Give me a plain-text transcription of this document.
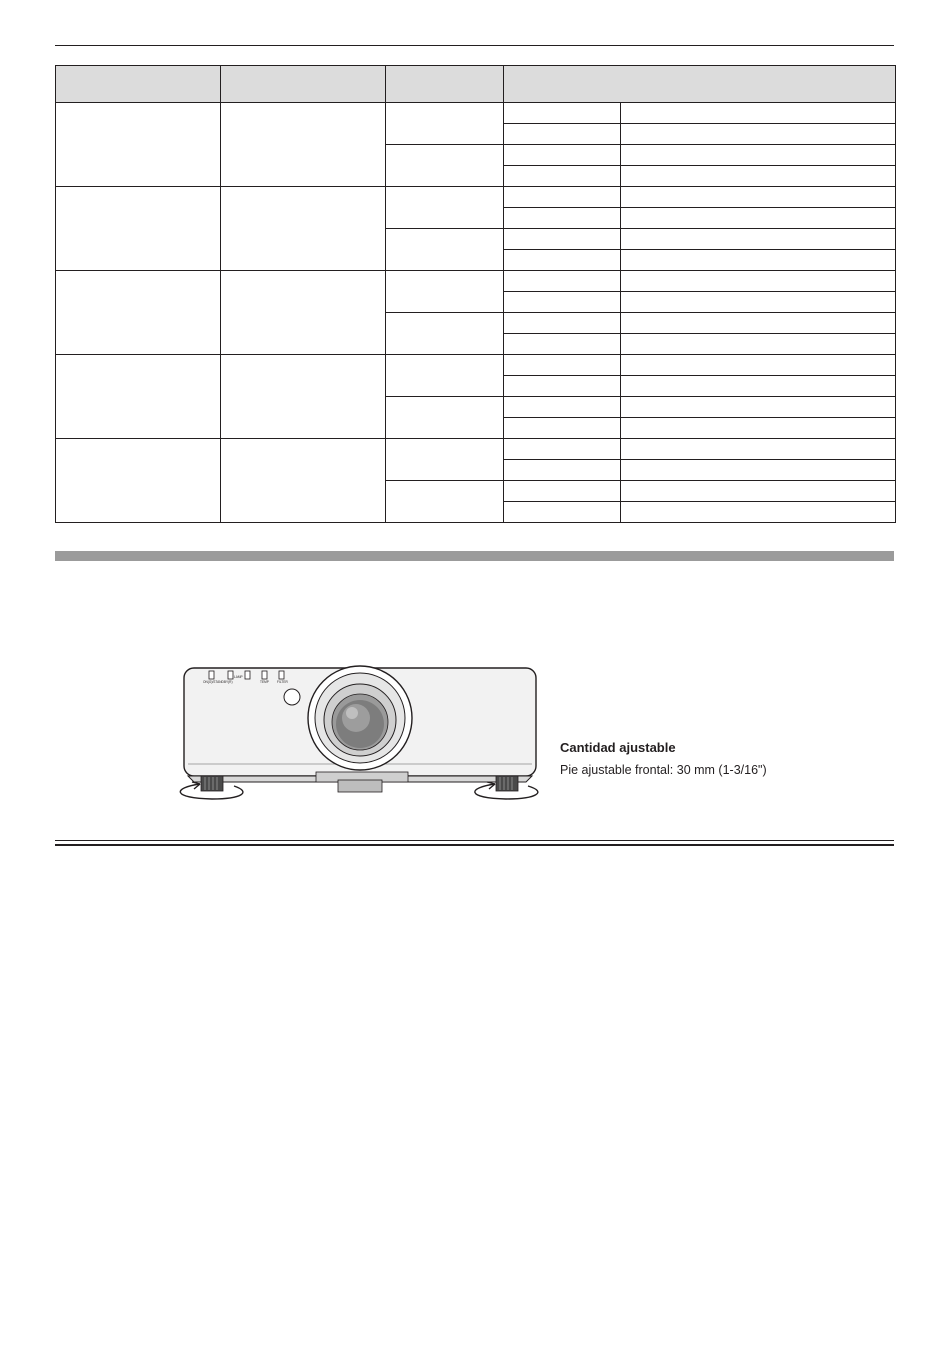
ON(G)/STANDBY(R)
LAMP
TEMP	FILTER
Cantidad ajustable
Pie ajustable frontal: 30 mm (1-3/16")
